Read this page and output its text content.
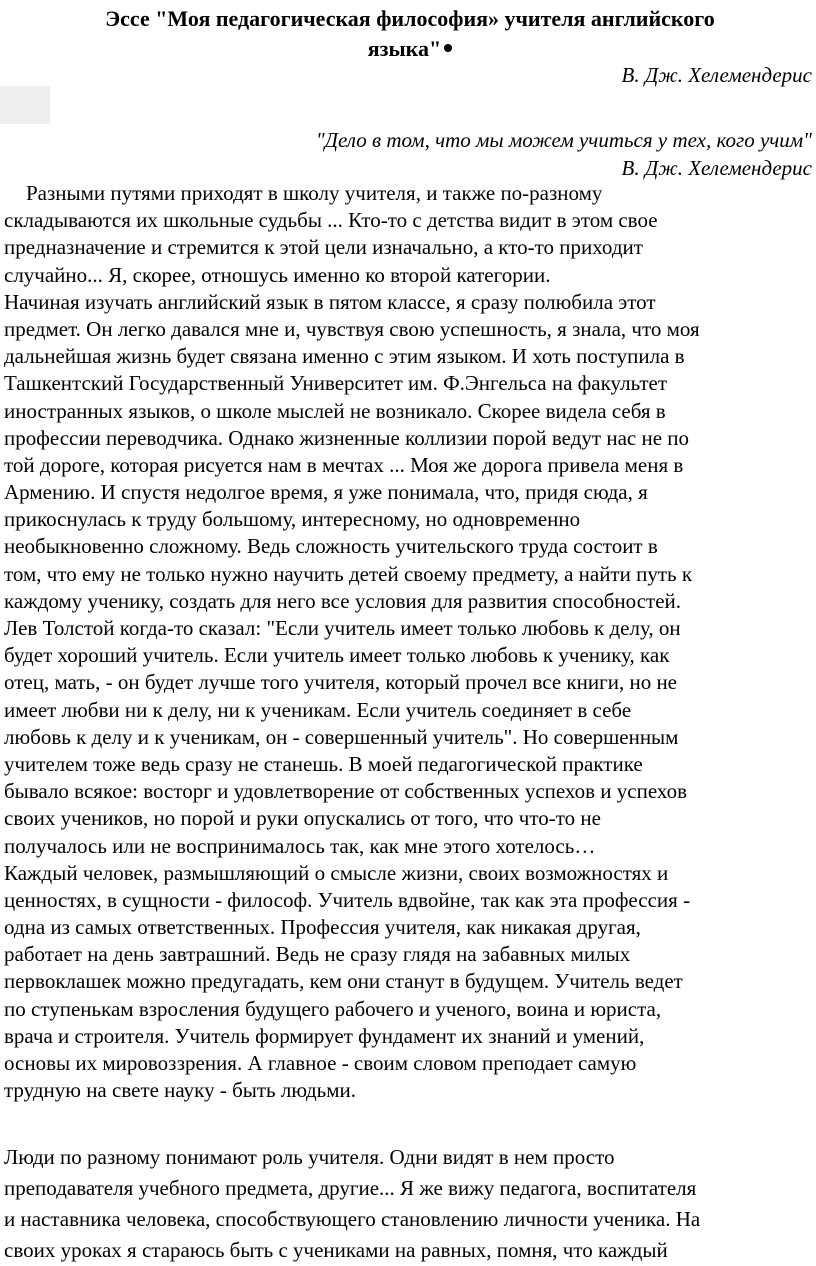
Эссе "Моя педагогическая философия» учителя английского
языка"
В. Дж. Хелемендерис
"Дело в том, что мы можем учиться у тех, кого учим"
В. Дж. Хелемендерис
Разными путями приходят в школу учителя, и также по-разному
складываются их школьные судьбы ... Кто-то с детства видит в этом свое
предназначение и стремится к этой цели изначально, а кто-то приходит
случайно... Я, скорее, отношусь именно ко второй категории.
Начиная изучать английский язык в пятом классе, я сразу полюбила этот
предмет. Он легко давался мне и, чувствуя свою успешность, я знала, что моя
дальнейшая жизнь будет связана именно с этим языком. И хоть поступила в
Ташкентский Государственный Университет им. Ф.Энгельса на факультет
иностранных языков, о школе мыслей не возникало. Скорее видела себя в
профессии переводчика. Однако жизненные коллизии порой ведут нас не по
той дороге, которая рисуется нам в мечтах ... Моя же дорога привела меня в
Армению. И спустя недолгое время, я уже понимала, что, придя сюда, я
прикоснулась к труду большому, интересному, но одновременно
необыкновенно сложному. Ведь сложность учительского труда состоит в
том, что ему не только нужно научить детей своему предмету, а найти путь к
каждому ученику, создать для него все условия для развития способностей.
Лев Толстой когда-то сказал: "Если учитель имеет только любовь к делу, он
будет хороший учитель. Если учитель имеет только любовь к ученику, как
отец, мать, - он будет лучше того учителя, который прочел все книги, но не
имеет любви ни к делу, ни к ученикам. Если учитель соединяет в себе
любовь к делу и к ученикам, он - совершенный учитель". Но совершенным
учителем тоже ведь сразу не станешь. В моей педагогической практике
бывало всякое: восторг и удовлетворение от собственных успехов и успехов
своих учеников, но порой и руки опускались от того, что что-то не
получалось или не воспринималось так, как мне этого хотелось…
Каждый человек, размышляющий о смысле жизни, своих возможностях и
ценностях, в сущности - философ. Учитель вдвойне, так как эта профессия -
одна из самых ответственных. Профессия учителя, как никакая другая,
работает на день завтрашний. Ведь не сразу глядя на забавных милых
первоклашек можно предугадать, кем они станут в будущем. Учитель ведет
по ступенькам взросления будущего рабочего и ученого, воина и юриста,
врача и строителя. Учитель формирует фундамент их знаний и умений,
основы их мировоззрения. А главное - своим словом преподает самую
трудную на свете науку - быть людьми.
Люди по разному понимают роль учителя. Одни видят в нем просто
преподавателя учебного предмета, другие... Я же вижу педагога, воспитателя
и наставника человека, способствующего становлению личности ученика. На
своих уроках я стараюсь быть с учениками на равных, помня, что каждый
